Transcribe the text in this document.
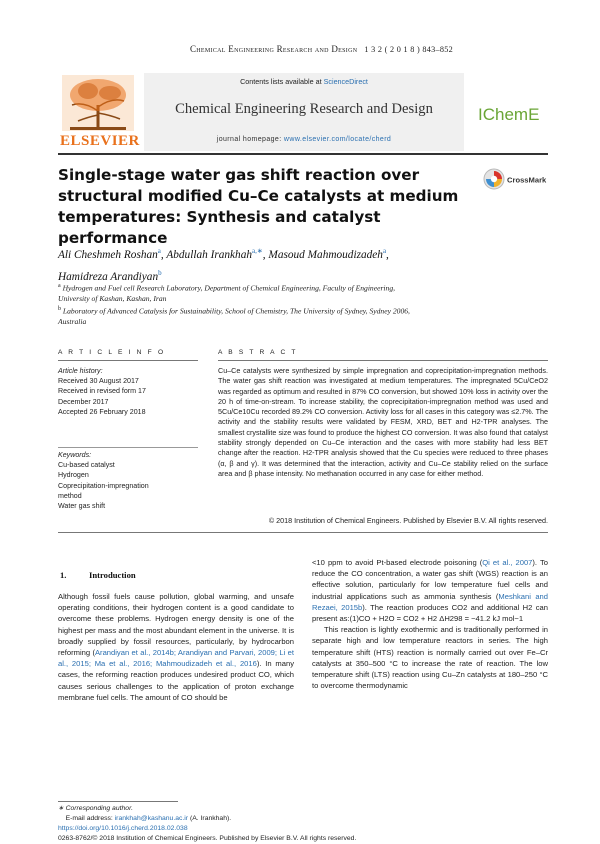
Chemical Engineering Research and Design 1 3 2 ( 2 0 1 8 ) 843–852
ELSEVIER
Contents lists available at ScienceDirect
Chemical Engineering Research and Design
journal homepage: www.elsevier.com/locate/cherd
IChemE
Single-stage water gas shift reaction over
structural modified Cu–Ce catalysts at medium
temperatures: Synthesis and catalyst performance
CrossMark
Ali Cheshmeh Roshan$^a$, Abdullah Irankhah$^{a,∗}$, Masoud Mahmoudizadeh$^a$,
Hamidreza Arandiyan$^b$
$^a$ Hydrogen and Fuel cell Research Laboratory, Department of Chemical Engineering, Faculty of Engineering,
University of Kashan, Kashan, Iran
$^b$ Laboratory of Advanced Catalysis for Sustainability, School of Chemistry, The University of Sydney, Sydney 2006,
Australia
A R T I C L E I N F O
Article history:
Received 30 August 2017
Received in revised form 17
December 2017
Accepted 26 February 2018
Keywords:
Cu-based catalyst
Hydrogen
Coprecipitation-impregnation
method
Water gas shift
A B S T R A C T
Cu–Ce catalysts were synthesized by simple impregnation and coprecipitation-impregnation methods. The water gas shift reaction was investigated at medium temperatures. The impregnated 5Cu/CeO2 was regarded as optimum and resulted in 87% CO conversion, but showed 10% loss in activity over the 20 h of time-on-stream. To increase stability, the coprecipitation-impregnation method was used and 5Cu/Ce10Cu recorded 89.2% CO conversion. Activity loss for all cases in this category was ≤2.7%. The activity and the stability results were validated by FESM, XRD, BET and H2-TPR analyses. The smallest crystallite size was found to produce the highest CO conversion. It was also found that catalyst stability strongly depended on Cu–Ce interaction and the cases with more stability had less BET change after the reaction. H2-TPR analysis showed that the Cu species were reduced to three phases (α, β and γ). It was determined that the interaction, activity and Cu–Ce stability relied on the surface area and β phase intensity. No methanation occurred in any case for either method.
© 2018 Institution of Chemical Engineers. Published by Elsevier B.V. All rights reserved.
1.	Introduction

Although fossil fuels cause pollution, global warming, and unsafe operating conditions, their hydrogen content is a good candidate to overcome these problems. Hydrogen energy density is one of the highest per mass and the most abundant element in the universe. It is broadly supplied by fossil resources, particularly, by hydrocarbon reforming (Arandiyan et al., 2014b; Arandiyan and Parvari, 2009; Li et al., 2015; Ma et al., 2016; Mahmoudizadeh et al., 2016). In many cases, the reforming reaction produces undesired product CO, which causes serious challenges to the application of proton exchange membrane fuel cells. The amount of CO should be

<10 ppm to avoid Pt-based electrode poisoning (Qi et al., 2007). To reduce the CO concentration, a water gas shift (WGS) reaction is an effective solution, particularly for low temperature fuel cells and industrial applications such as ammonia synthesis (Meshkani and Rezaei, 2015b). The reaction produces CO2 and additional H2 can present as:(1)CO + H2O = CO2 + H2 ΔH298 = −41.2 kJ mol−1

This reaction is lightly exothermic and is traditionally performed in separate high and low temperature reactors in series. The high temperature shift (HTS) reaction is normally carried out over Fe–Cr catalysts at 350–500 °C to increase the rate of reaction. The low temperature shift (LTS) reaction using Cu–Zn catalysts at 180–250 °C to overcome thermodynamic

∗ Corresponding author.
E-mail address: irankhah@kashanu.ac.ir (A. Irankhah).
https://doi.org/10.1016/j.cherd.2018.02.038
0263-8762/© 2018 Institution of Chemical Engineers. Published by Elsevier B.V. All rights reserved.
